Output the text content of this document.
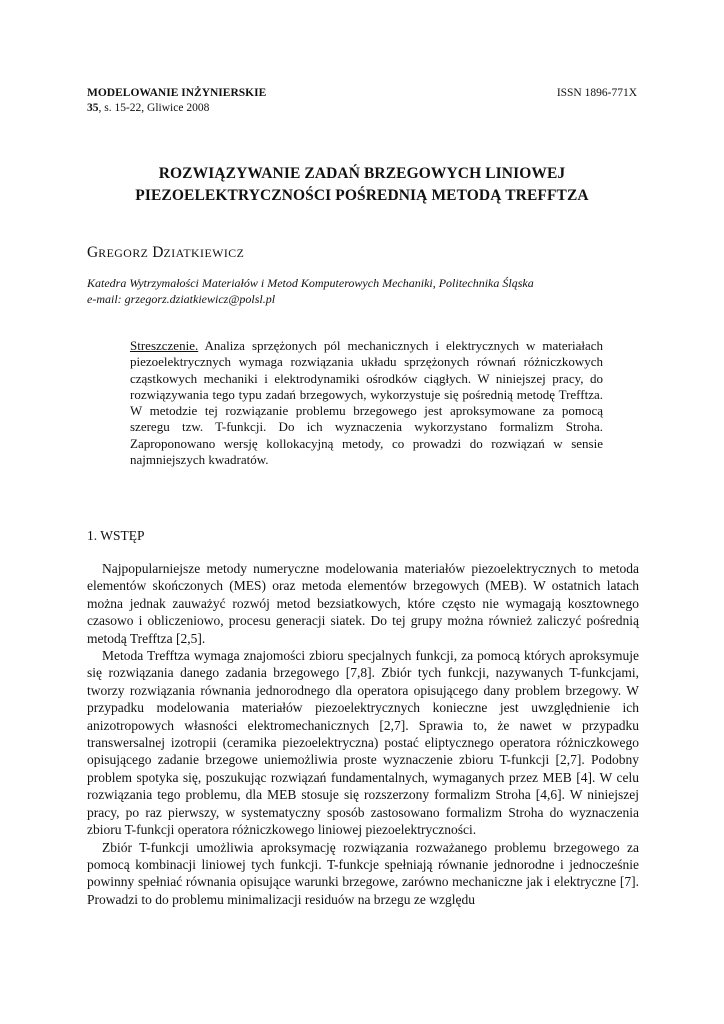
MODELOWANIE INŻYNIERSKIE	ISSN 1896-771X
35, s. 15-22, Gliwice 2008
ROZWIĄZYWANIE ZADAŃ BRZEGOWYCH LINIOWEJ
PIEZOELEKTRYCZNOŚCI POŚREDNIĄ METODĄ TREFFTZA
GREGORZ DZIATKIEWICZ
Katedra Wytrzymałości Materiałów i Metod Komputerowych Mechaniki, Politechnika Śląska
e-mail: grzegorz.dziatkiewicz@polsl.pl
Streszczenie. Analiza sprzężonych pól mechanicznych i elektrycznych w materiałach piezoelektrycznych wymaga rozwiązania układu sprzężonych równań różniczkowych cząstkowych mechaniki i elektrodynamiki ośrodków ciągłych. W niniejszej pracy, do rozwiązywania tego typu zadań brzegowych, wykorzystuje się pośrednią metodę Trefftza. W metodzie tej rozwiązanie problemu brzegowego jest aproksymowane za pomocą szeregu tzw. T-funkcji. Do ich wyznaczenia wykorzystano formalizm Stroha. Zaproponowano wersję kollokacyjną metody, co prowadzi do rozwiązań w sensie najmniejszych kwadratów.
1. WSTĘP

Najpopularniejsze metody numeryczne modelowania materiałów piezoelektrycznych to metoda elementów skończonych (MES) oraz metoda elementów brzegowych (MEB). W ostatnich latach można jednak zauważyć rozwój metod bezsiatkowych, które często nie wymagają kosztownego czasowo i obliczeniowo, procesu generacji siatek. Do tej grupy można również zaliczyć pośrednią metodą Trefftza [2,5].

Metoda Trefftza wymaga znajomości zbioru specjalnych funkcji, za pomocą których aproksymuje się rozwiązania danego zadania brzegowego [7,8]. Zbiór tych funkcji, nazywanych T-funkcjami, tworzy rozwiązania równania jednorodnego dla operatora opisującego dany problem brzegowy. W przypadku modelowania materiałów piezoelektrycznych konieczne jest uwzględnienie ich anizotropowych własności elektromechanicznych [2,7]. Sprawia to, że nawet w przypadku transwersalnej izotropii (ceramika piezoelektryczna) postać eliptycznego operatora różniczkowego opisującego zadanie brzegowe uniemożliwia proste wyznaczenie zbioru T-funkcji [2,7]. Podobny problem spotyka się, poszukując rozwiązań fundamentalnych, wymaganych przez MEB [4]. W celu rozwiązania tego problemu, dla MEB stosuje się rozszerzony formalizm Stroha [4,6]. W niniejszej pracy, po raz pierwszy, w systematyczny sposób zastosowano formalizm Stroha do wyznaczenia zbioru T-funkcji operatora różniczkowego liniowej piezoelektryczności.

Zbiór T-funkcji umożliwia aproksymację rozwiązania rozważanego problemu brzegowego za pomocą kombinacji liniowej tych funkcji. T-funkcje spełniają równanie jednorodne i jednocześnie powinny spełniać równania opisujące warunki brzegowe, zarówno mechaniczne jak i elektryczne [7]. Prowadzi to do problemu minimalizacji residuów na brzegu ze względu
